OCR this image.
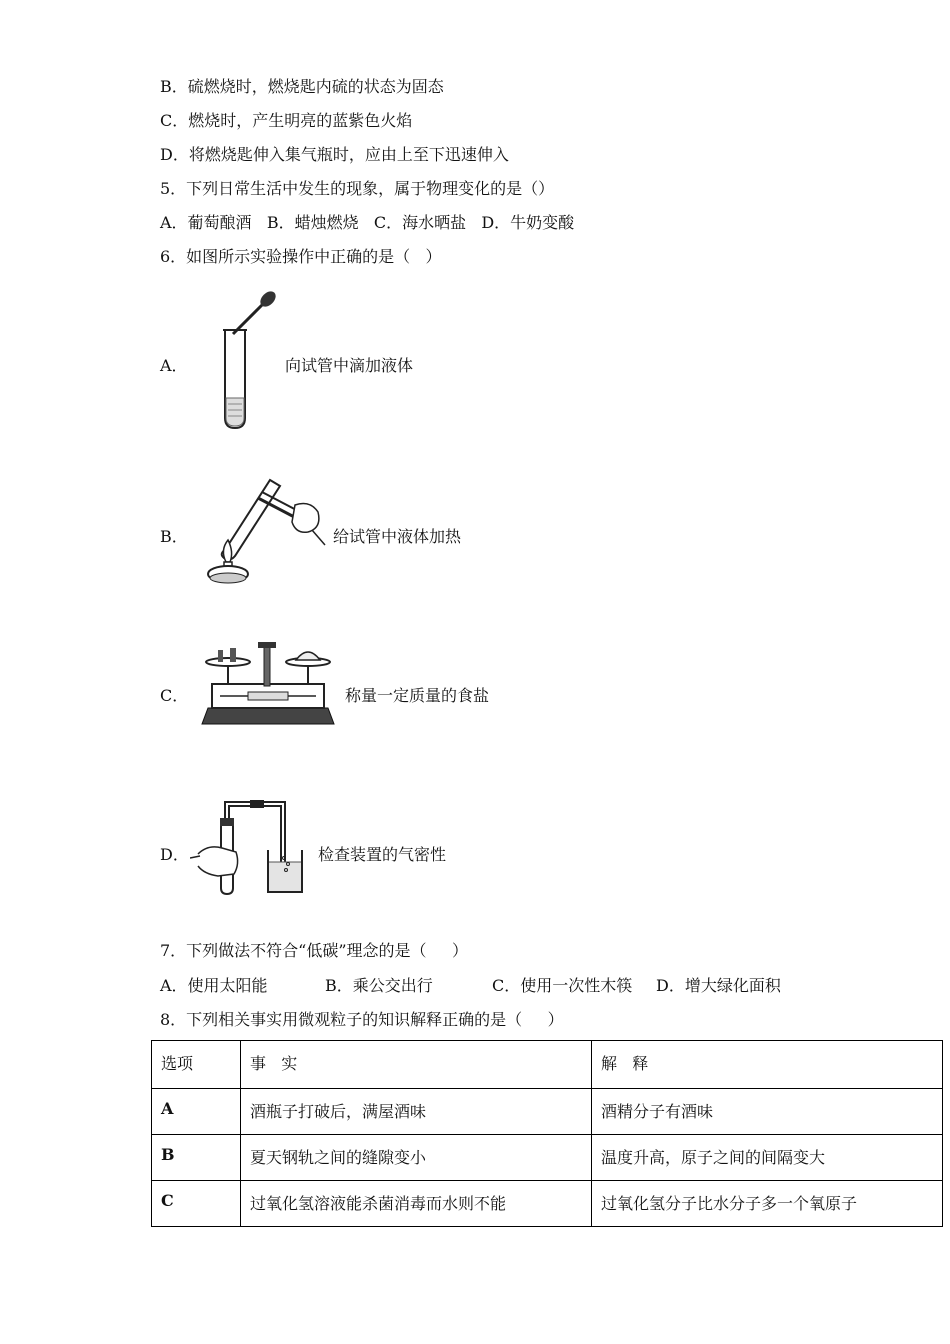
B．硫燃烧时，燃烧匙内硫的状态为固态
C．燃烧时，产生明亮的蓝紫色火焰
D．将燃烧匙伸入集气瓶时，应由上至下迅速伸入
5．下列日常生活中发生的现象，属于物理变化的是（）
A．葡萄酿酒   B．蜡烛燃烧   C．海水晒盐   D．牛奶变酸
6．如图所示实验操作中正确的是（   ）
A．	向试管中滴加液体
B．	给试管中液体加热
C．	称量一定质量的食盐
D．	检查装置的气密性
7．下列做法不符合“低碳”理念的是（     ）
A．使用太阳能	B．乘公交出行	C．使用一次性木筷 D．增大绿化面积
8．下列相关事实用微观粒子的知识解释正确的是（     ）
选项	事   实	解   释
A	酒瓶子打破后，满屋酒味	酒精分子有酒味
B	夏天钢轨之间的缝隙变小	温度升高，原子之间的间隔变大
C	过氧化氢溶液能杀菌消毒而水则不能	过氧化氢分子比水分子多一个氧原子
